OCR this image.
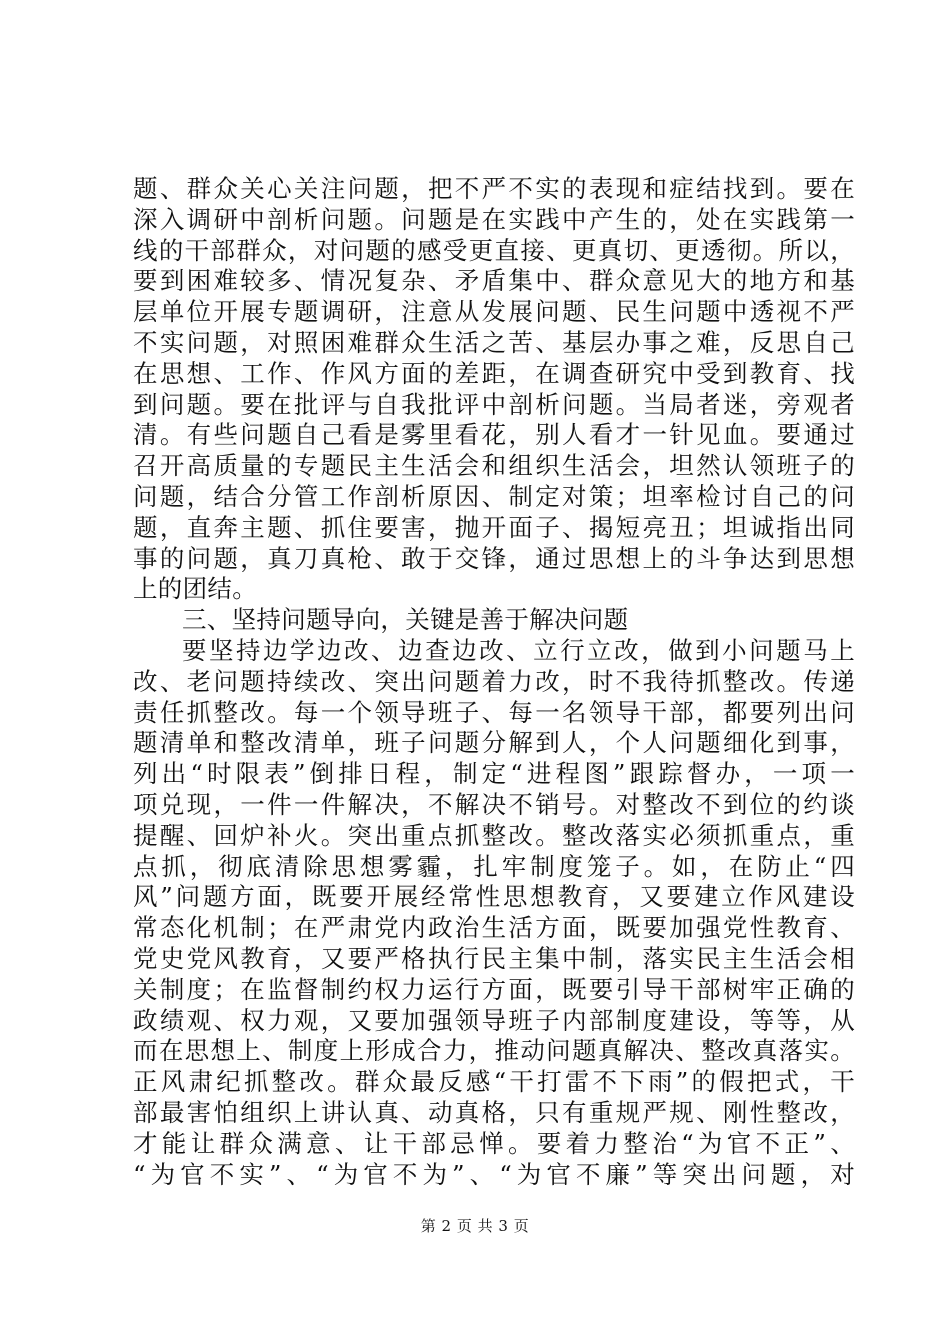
题、群众关心关注问题，把不严不实的表现和症结找到。要在
深入调研中剖析问题。问题是在实践中产生的，处在实践第一
线的干部群众，对问题的感受更直接、更真切、更透彻。所以，
要到困难较多、情况复杂、矛盾集中、群众意见大的地方和基
层单位开展专题调研，注意从发展问题、民生问题中透视不严
不实问题，对照困难群众生活之苦、基层办事之难，反思自己
在思想、工作、作风方面的差距，在调查研究中受到教育、找
到问题。要在批评与自我批评中剖析问题。当局者迷，旁观者
清。有些问题自己看是雾里看花，别人看才一针见血。要通过
召开高质量的专题民主生活会和组织生活会，坦然认领班子的
问题，结合分管工作剖析原因、制定对策；坦率检讨自己的问
题，直奔主题、抓住要害，抛开面子、揭短亮丑；坦诚指出同
事的问题，真刀真枪、敢于交锋，通过思想上的斗争达到思想
上的团结。
三、坚持问题导向，关键是善于解决问题
要坚持边学边改、边查边改、立行立改，做到小问题马上
改、老问题持续改、突出问题着力改，时不我待抓整改。传递
责任抓整改。每一个领导班子、每一名领导干部，都要列出问
题清单和整改清单，班子问题分解到人，个人问题细化到事，
列出“时限表”倒排日程，制定“进程图”跟踪督办，一项一
项兑现，一件一件解决，不解决不销号。对整改不到位的约谈
提醒、回炉补火。突出重点抓整改。整改落实必须抓重点，重
点抓，彻底清除思想雾霾，扎牢制度笼子。如，在防止“四
风”问题方面，既要开展经常性思想教育，又要建立作风建设
常态化机制；在严肃党内政治生活方面，既要加强党性教育、
党史党风教育，又要严格执行民主集中制，落实民主生活会相
关制度；在监督制约权力运行方面，既要引导干部树牢正确的
政绩观、权力观，又要加强领导班子内部制度建设，等等，从
而在思想上、制度上形成合力，推动问题真解决、整改真落实。
正风肃纪抓整改。群众最反感“干打雷不下雨”的假把式，干
部最害怕组织上讲认真、动真格，只有重规严规、刚性整改，
才能让群众满意、让干部忌惮。要着力整治“为官不正”、
“为官不实”、“为官不为”、“为官不廉”等突出问题，对
第 2 页 共 3 页
